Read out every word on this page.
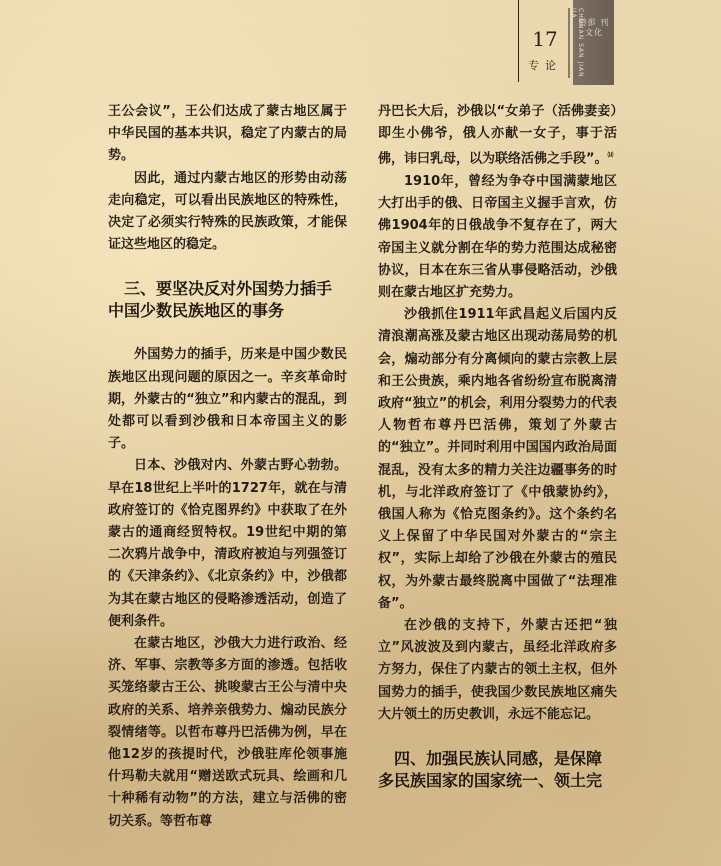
17
专论	CHUNAN SAN JIAN JIA
黔彭 刊 文化

王公会议”，王公们达成了蒙古地区属于中华民国的基本共识，稳定了内蒙古的局势。

因此，通过内蒙古地区的形势由动荡走向稳定，可以看出民族地区的特殊性，决定了必须实行特殊的民族政策，才能保证这些地区的稳定。

三、要坚决反对外国势力插手
中国少数民族地区的事务

外国势力的插手，历来是中国少数民族地区出现问题的原因之一。辛亥革命时期，外蒙古的“独立”和内蒙古的混乱，到处都可以看到沙俄和日本帝国主义的影子。

日本、沙俄对内、外蒙古野心勃勃。早在18世纪上半叶的1727年，就在与清政府签订的《恰克图界约》中获取了在外蒙古的通商经贸特权。19世纪中期的第二次鸦片战争中，清政府被迫与列强签订的《天津条约》、《北京条约》中，沙俄都为其在蒙古地区的侵略渗透活动，创造了便利条件。

在蒙古地区，沙俄大力进行政治、经济、军事、宗教等多方面的渗透。包括收买笼络蒙古王公、挑唆蒙古王公与清中央政府的关系、培养亲俄势力、煽动民族分裂情绪等。以哲布尊丹巴活佛为例，早在他12岁的孩提时代，沙俄驻库伦领事施什玛勒夫就用“赠送欧式玩具、绘画和几十种稀有动物”的方法，建立与活佛的密切关系。等哲布尊

丹巴长大后，沙俄以“女弟子（活佛妻妾）即生小佛爷，俄人亦献一女子，事于活佛，讳曰乳母，以为联络活佛之手段”。⒁

1910年，曾经为争夺中国满蒙地区大打出手的俄、日帝国主义握手言欢，仿佛1904年的日俄战争不复存在了，两大帝国主义就分割在华的势力范围达成秘密协议，日本在东三省从事侵略活动，沙俄则在蒙古地区扩充势力。

沙俄抓住1911年武昌起义后国内反清浪潮高涨及蒙古地区出现动荡局势的机会，煽动部分有分离倾向的蒙古宗教上层和王公贵族，乘内地各省纷纷宣布脱离清政府“独立”的机会，利用分裂势力的代表人物哲布尊丹巴活佛，策划了外蒙古的“独立”。并同时利用中国国内政治局面混乱，没有太多的精力关注边疆事务的时机，与北洋政府签订了《中俄蒙协约》，俄国人称为《恰克图条约》。这个条约名义上保留了中华民国对外蒙古的“宗主权”，实际上却给了沙俄在外蒙古的殖民权，为外蒙古最终脱离中国做了“法理准备”。

在沙俄的支持下，外蒙古还把“独立”风波波及到内蒙古，虽经北洋政府多方努力，保住了内蒙古的领土主权，但外国势力的插手，使我国少数民族地区痛失大片领土的历史教训，永远不能忘记。

四、加强民族认同感，是保障
多民族国家的国家统一、领土完
